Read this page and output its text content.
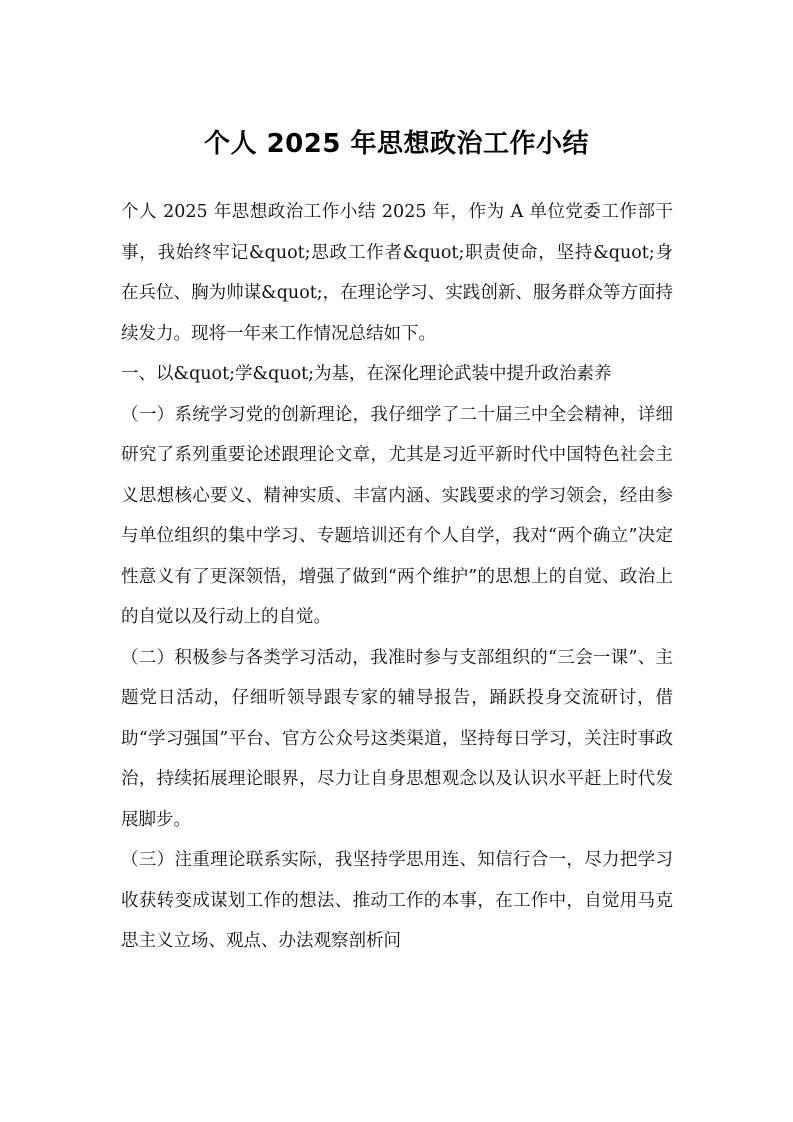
个人 2025 年思想政治工作小结

个人 2025 年思想政治工作小结 2025 年，作为 A 单位党委工作部干事，我始终牢记&quot;思政工作者&quot;职责使命，坚持&quot;身在兵位、胸为帅谋&quot;，在理论学习、实践创新、服务群众等方面持续发力。现将一年来工作情况总结如下。

一、以&quot;学&quot;为基，在深化理论武装中提升政治素养

（一）系统学习党的创新理论，我仔细学了二十届三中全会精神，详细研究了系列重要论述跟理论文章，尤其是习近平新时代中国特色社会主义思想核心要义、精神实质、丰富内涵、实践要求的学习领会，经由参与单位组织的集中学习、专题培训还有个人自学，我对“两个确立”决定性意义有了更深领悟，增强了做到“两个维护”的思想上的自觉、政治上的自觉以及行动上的自觉。

（二）积极参与各类学习活动，我准时参与支部组织的“三会一课”、主题党日活动，仔细听领导跟专家的辅导报告，踊跃投身交流研讨，借助“学习强国”平台、官方公众号这类渠道，坚持每日学习，关注时事政治，持续拓展理论眼界，尽力让自身思想观念以及认识水平赶上时代发展脚步。

（三）注重理论联系实际，我坚持学思用连、知信行合一，尽力把学习收获转变成谋划工作的想法、推动工作的本事，在工作中，自觉用马克思主义立场、观点、办法观察剖析问
